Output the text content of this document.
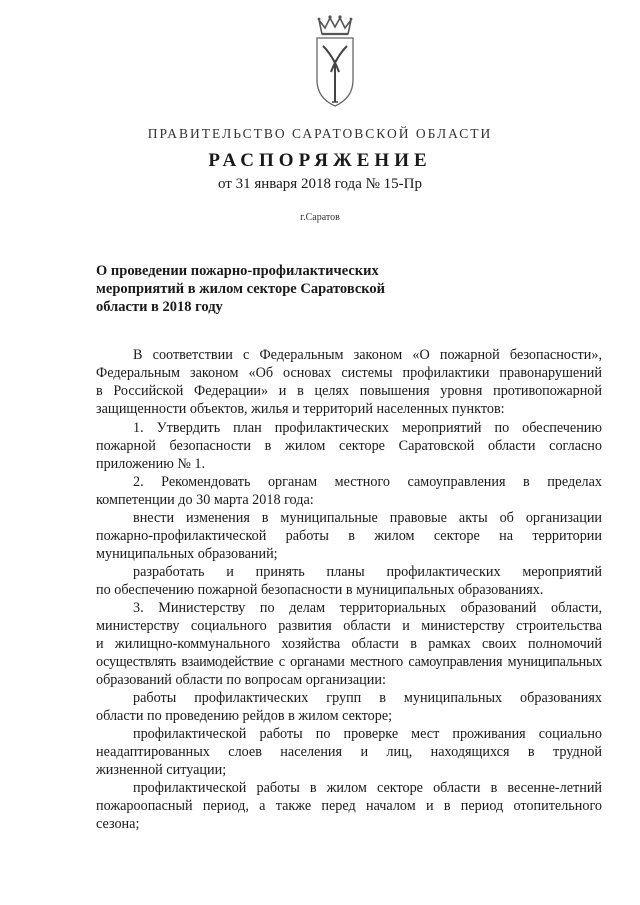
ПРАВИТЕЛЬСТВО САРАТОВСКОЙ ОБЛАСТИ
РАСПОРЯЖЕНИЕ
от 31 января 2018 года № 15-Пр
г.Саратов
О проведении пожарно-профилактических
мероприятий в жилом секторе Саратовской
области в 2018 году
В соответствии с Федеральным законом «О пожарной безопасности»,
Федеральным законом «Об основах системы профилактики правонарушений
в Российской Федерации» и в целях повышения уровня противопожарной
защищенности объектов, жилья и территорий населенных пунктов:
1. Утвердить план профилактических мероприятий по обеспечению
пожарной безопасности в жилом секторе Саратовской области согласно
приложению № 1.
2. Рекомендовать органам местного самоуправления в пределах
компетенции до 30 марта 2018 года:
внести изменения в муниципальные правовые акты об организации
пожарно-профилактической работы в жилом секторе на территории
муниципальных образований;
разработать и принять планы профилактических мероприятий
по обеспечению пожарной безопасности в муниципальных образованиях.
3. Министерству по делам территориальных образований области,
министерству социального развития области и министерству строительства
и жилищно-коммунального хозяйства области в рамках своих полномочий
осуществлять взаимодействие с органами местного самоуправления муниципальных
образований области по вопросам организации:
работы профилактических групп в муниципальных образованиях
области по проведению рейдов в жилом секторе;
профилактической работы по проверке мест проживания социально
неадаптированных слоев населения и лиц, находящихся в трудной
жизненной ситуации;
профилактической работы в жилом секторе области в весенне-летний
пожароопасный период, а также перед началом и в период отопительного
сезона;
